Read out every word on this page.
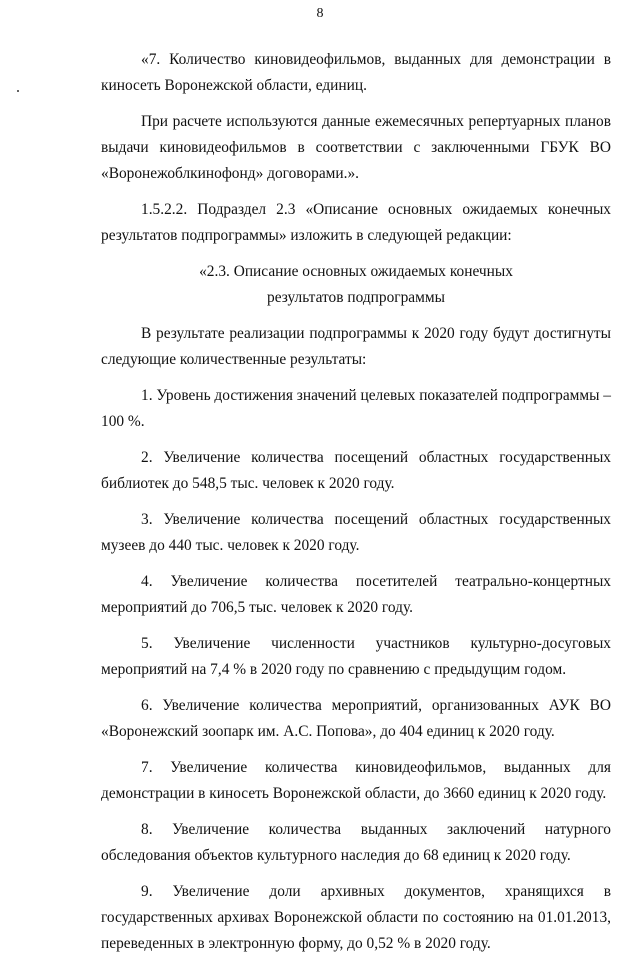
8

«7. Количество киновидеофильмов, выданных для демонстрации в киносеть Воронежской области, единиц.

При расчете используются данные ежемесячных репертуарных планов выдачи киновидеофильмов в соответствии с заключенными ГБУК ВО «Воронежоблкинофонд» договорами.».

1.5.2.2. Подраздел 2.3 «Описание основных ожидаемых конечных результатов подпрограммы» изложить в следующей редакции:

«2.3. Описание основных ожидаемых конечных
результатов подпрограммы

В результате реализации подпрограммы к 2020 году будут достигнуты следующие количественные результаты:

1. Уровень достижения значений целевых показателей подпрограммы – 100 %.

2. Увеличение количества посещений областных государственных библиотек до 548,5 тыс. человек к 2020 году.

3. Увеличение количества посещений областных государственных музеев до 440 тыс. человек к 2020 году.

4. Увеличение количества посетителей театрально-концертных мероприятий до 706,5 тыс. человек к 2020 году.

5. Увеличение численности участников культурно-досуговых мероприятий на 7,4 % в 2020 году по сравнению с предыдущим годом.

6. Увеличение количества мероприятий, организованных АУК ВО «Воронежский зоопарк им. А.С. Попова», до 404 единиц к 2020 году.

7. Увеличение количества киновидеофильмов, выданных для демонстрации в киносеть Воронежской области, до 3660 единиц к 2020 году.

8. Увеличение количества выданных заключений натурного обследования объектов культурного наследия до 68 единиц к 2020 году.

9. Увеличение доли архивных документов, хранящихся в государственных архивах Воронежской области по состоянию на 01.01.2013, переведенных в электронную форму, до 0,52 % в 2020 году.
